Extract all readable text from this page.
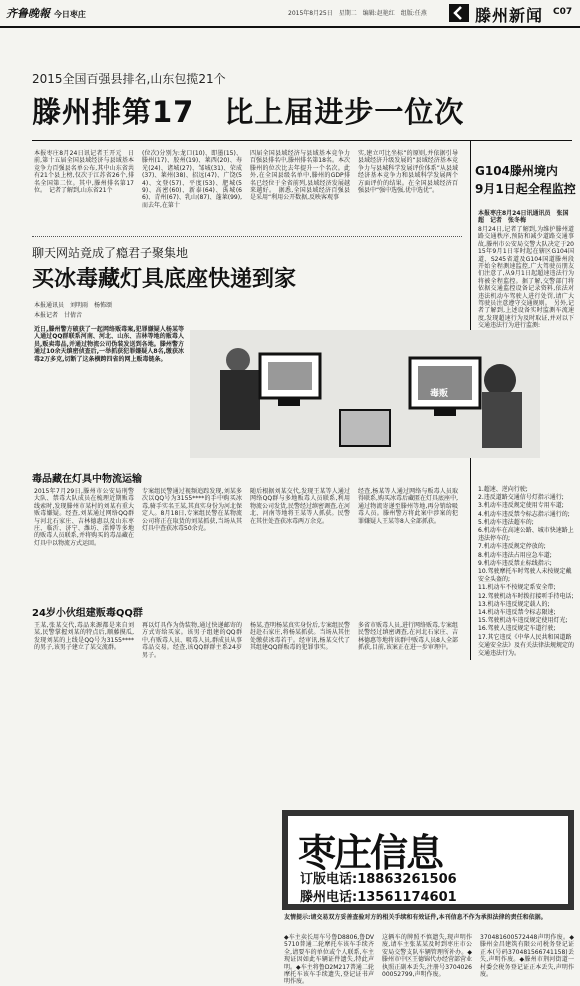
齐鲁晚報 今日枣庄	2015年8月25日　星期二　编辑:赵艳红　组版:任燕	滕州新闻 C07
2015全国百强县排名,山东包揽21个
滕州排第17　比上届进步一位次
本报枣庄8月24日讯记者王开元　日前,第十五届全国县域经济与县域基本竞争力百强县名单公布,其中山东省共有21个县上榜,仅次于江苏省26个,排名全国第二位。其中,滕州排名第17位。　记者了解到,山东省21个
(位次)分别为:龙口(10)、即墨(15)、滕州(17)、胶州(19)、莱西(20)、寿光(24)、诸城(27)、邹城(31)、荣成(37)、莱州(38)、招远(47)、广饶(54)、文登(57)、平度(53)、肥城(59)、高密(60)、新泰(64)、禹城(66)、青州(67)、乳山(87)、蓬莱(99),而去年,在第十
四届全国县域经济与县域基本竞争力百强县排名中,滕州排名第18名。本次滕州的位次比去年提升一个名次。此外,在全国县级名单中,滕州的GDP排名已经位于全省前列,县域经济发展越来越好。　据悉,全国县域经济百强县是采用“利用公开数据,反映客观事
实,建立可比坐标”的原则,并依据引导县域经济升级发展的“县域经济基本竞争力与县城科学发展评价体系”从县域经济基本竞争力和县域科学发展两个方面评价的结果。在全国县域经济百强县中“强中选强,优中选优”。
G104滕州境内
9月1日起全程监控
本报枣庄8月24日讯通讯员　张国超　记者　张冬梅
8月24日,记者了解到,为维护滕州道路交通秩序,预防和减少道路交通事故,滕州市公安局交警大队决定于2015年9月1日零时起在辖区G104国道、S245省道及G104国道滕州段开始全程测速监控,广大驾驶员朋友们注意了,从9月1日起超速违法行为将被全程监控。据了解,交警部门将依据交通监控设备记录资料,依法对违法机动车驾驶人进行处罚,请广大驾驶员注意遵守交通规则。　另外,记者了解到,上述设备实时监测车流速度,发现超速行为及时取证,并对以下交通违法行为进行监测:
1.超速、逆向行驶;
2.违反道路交通信号灯指示通行;
3.机动车违反规定使用专用车道;
4.机动车违反禁令标志指示通行的;
5.机动车违法超车的;
6.机动车在高速公路、城市快速路上违法停车的;
7.机动车违反规定停放的;
8.机动车违法占用应急车道;
9.机动车违反禁止标线指示;
10.驾驶摩托车时驾驶人未按规定戴安全头盔的;
11.机动车不按规定系安全带;
12.驾驶机动车时拨打接听手持电话;
13.机动车违反规定载人的;
14.机动车违反禁令标志限速;
15.驾驶机动车违反规定使用灯光;
16.驾驶人违反规定车道行驶;
17.其它违反《中华人民共和国道路交通安全法》及有关法律法规规定的交通违法行为。
聊天网站竟成了瘾君子聚集地
买冰毒藏灯具底座快递到家
本报通讯员　刘明雨　杨怖颂
本报记者　甘倩音
近日,滕州警方破获了一起网络贩毒案,犯罪嫌疑人杨某等人通过QQ群联系河南、河北、山东、吉林等地的贩毒人员,贩卖毒品,并通过物流公司伪装发送到各地。滕州警方通过10余天缜密侦查后,一举抓获犯罪嫌疑人8名,缴获冰毒2万多克,切断了这条横跨四省的网上贩毒链条。
毒贩
毒品藏在灯具中物流运输
2015年7月29日,滕州市公安局刑警大队、禁毒大队成员在梳理近期贩毒线索时,发现滕州市某村的刘某有重大贩毒嫌疑。经查,刘某通过网络QQ群与河北石家庄、吉林德惠以及山东枣庄、临沂、济宁、潍坊、淄博等多地的贩毒人员联系,并将购买的毒品藏在灯具中以物流方式运回。
专案组民警通过视频追踪发现,刘某多次以QQ号为3155****的手中购买冰毒,骑手实名王某,其真实身份为河北保定人。8月18日,专案组民警在某物流公司将正在取货的刘某抓获,当场从其灯具中查获冰毒50余克。
随后根据刘某交代,发现王某等人通过网络QQ群与多地贩毒人员联系,利用物流公司发货,民警经过缜密调查,在河北、河南等地将王某等人抓获。民警在其住处查获冰毒两万余克。
经查,杨某等人通过网络与贩毒人员取得联系,购买冰毒后藏匿在灯具底座中,通过物流寄递至滕州等地,再分销给吸毒人员。滕州警方将此案中涉案的犯罪嫌疑人王某等8人全部抓获。
24岁小伙组建贩毒QQ群
王某,张某交代,毒品来源都是来自刘某,民警掌握刘某的特点后,顺藤摸瓜,发现刘某的上线是QQ号为3155****的男子,该男子建立了某交流群。
再以灯具作为伪装物,通过快递邮寄的方式寄给买家。该男子组建的QQ群中,有贩毒人员、吸毒人员,群成员从事毒品交易。经查,该QQ群群主系24岁男子。
杨某,查明杨某真实身份后,专案组民警赶赴石家庄,将杨某抓获。当场从其住处缴获冰毒若干。经审讯,杨某交代了其组建QQ群贩毒的犯罪事实。
多省市贩毒人员,进行网络贩毒,专案组民警经过缜密调查,在河北石家庄、吉林德惠等地将该群中贩毒人员8人全部抓获,目前,该案正在进一步审理中。
枣庄信息
订版电话:18863261506
滕州电话:13561174601
友情提示:请交易双方妥善查验对方的相关手续和有效证件,本刊信息不作为承担法律的责任和依据。
◆车主卖长用车号鲁D8806,鲁DV5710普通二轮摩托车该车手续齐全,请要车的单位或个人联系,车主现证因如此车辆证件遗失,特此声明。◆车主将鲁D2M217普通二轮摩托车该车手续遗失,登记证书声明作废。
这辆车的牌照不慎遗失,现声明作废,请车主张某某及时到枣庄市公安局交警支队车辆管理所补办。◆滕州市中区王德锦代办经营部营业执照正副本丢失,注册号370402600052799,声明作废。
370481600572448声明作废。◆滕州金昌建筑有限公司税务登记证正本(号码370481566741158)丢失,声明作废。◆滕州市荆河街道一村委会税务登记证正本丢失,声明作废。
